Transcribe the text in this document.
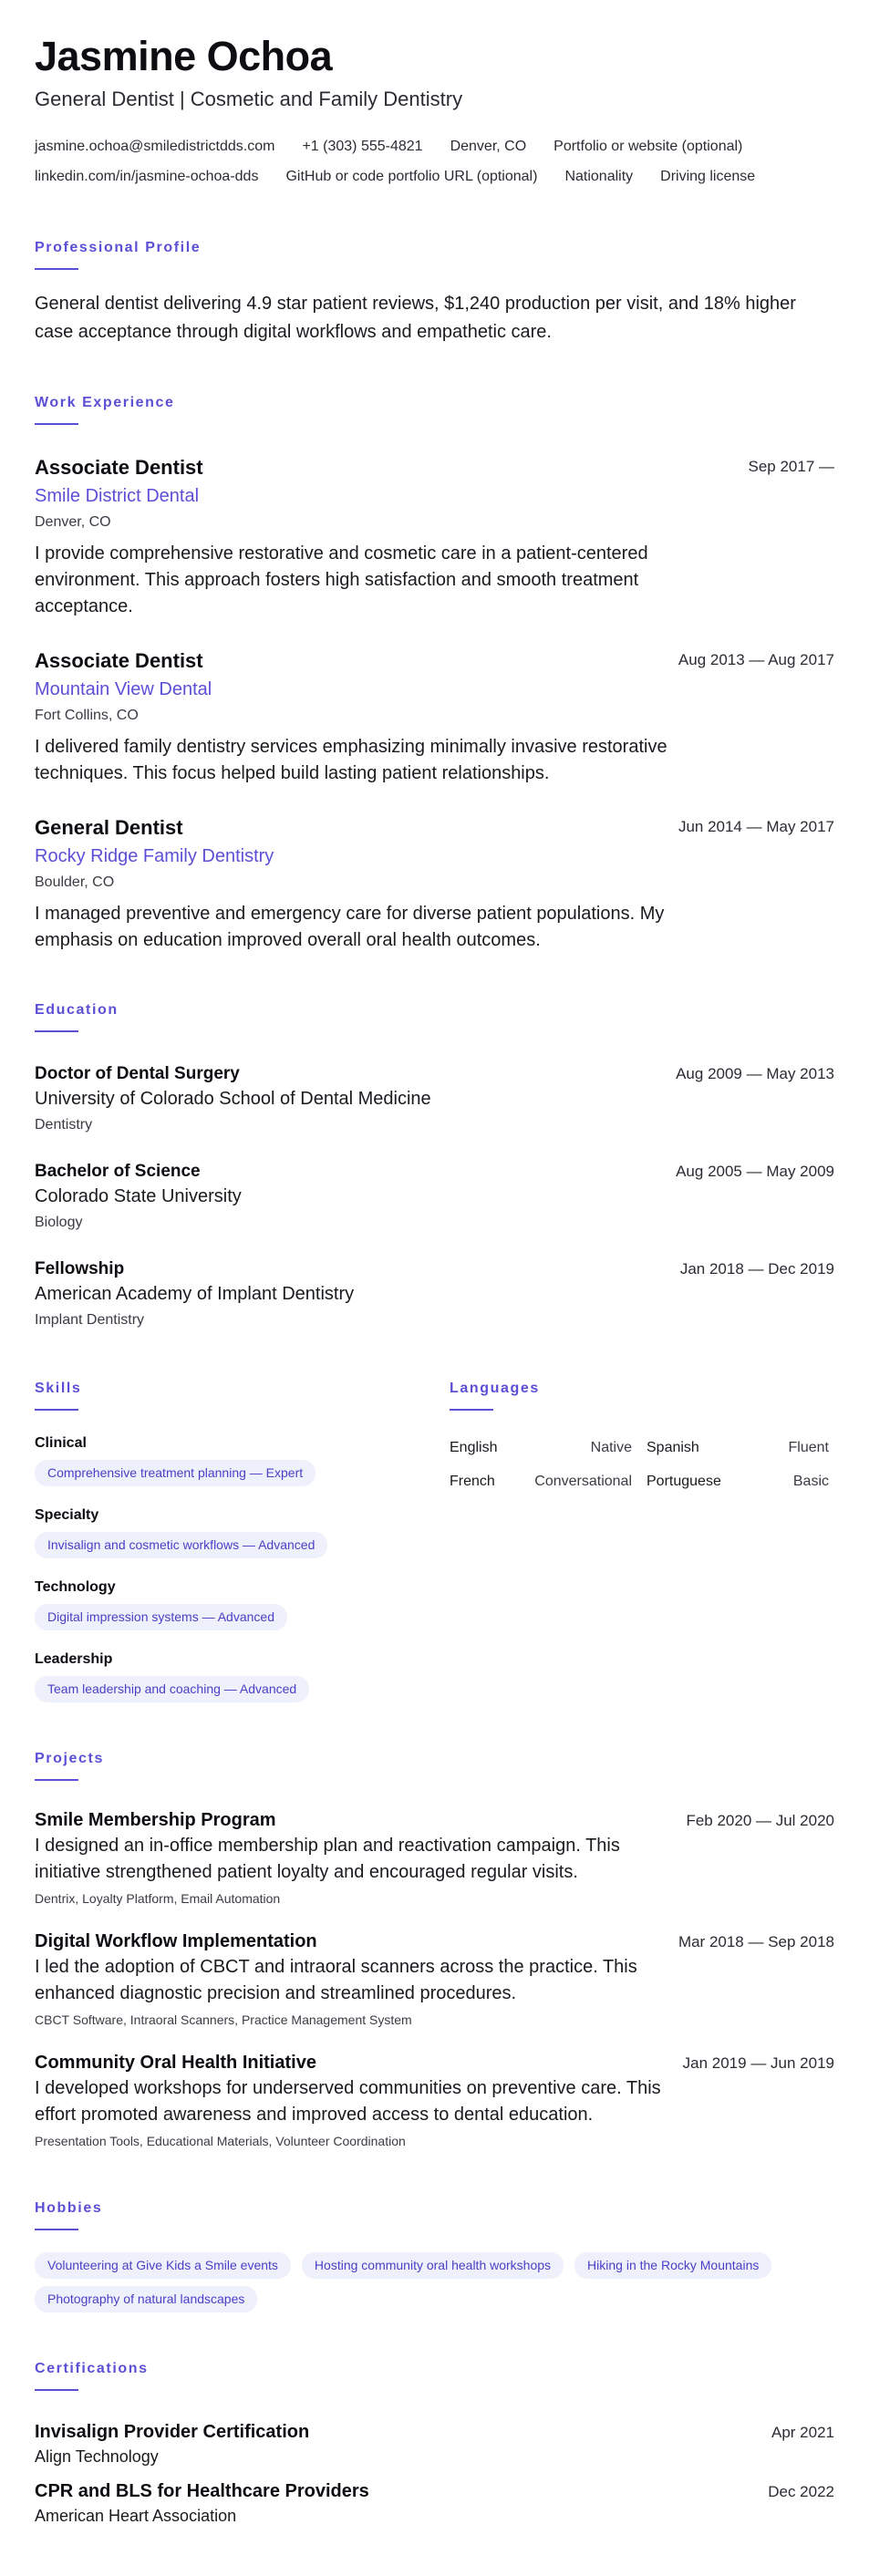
Jasmine Ochoa
General Dentist | Cosmetic and Family Dentistry
jasmine.ochoa@smiledistrictdds.com +1 (303) 555-4821 Denver, CO Portfolio or website (optional)
linkedin.com/in/jasmine-ochoa-dds GitHub or code portfolio URL (optional) Nationality Driving license
Professional Profile
General dentist delivering 4.9 star patient reviews, $1,240 production per visit, and 18% higher case acceptance through digital workflows and empathetic care.
Work Experience
Sep 2017 —
Associate Dentist
Smile District Dental
Denver, CO
I provide comprehensive restorative and cosmetic care in a patient-centered environment. This approach fosters high satisfaction and smooth treatment acceptance.
Aug 2013 — Aug 2017
Associate Dentist
Mountain View Dental
Fort Collins, CO
I delivered family dentistry services emphasizing minimally invasive restorative techniques. This focus helped build lasting patient relationships.
Jun 2014 — May 2017
General Dentist
Rocky Ridge Family Dentistry
Boulder, CO
I managed preventive and emergency care for diverse patient populations. My emphasis on education improved overall oral health outcomes.
Education
Aug 2009 — May 2013
Doctor of Dental Surgery
University of Colorado School of Dental Medicine
Dentistry
Aug 2005 — May 2009
Bachelor of Science
Colorado State University
Biology
Jan 2018 — Dec 2019
Fellowship
American Academy of Implant Dentistry
Implant Dentistry
Skills
Clinical
Comprehensive treatment planning — Expert
Specialty
Invisalign and cosmetic workflows — Advanced
Technology
Digital impression systems — Advanced
Leadership
Team leadership and coaching — Advanced
Languages
English	Native Spanish	Fluent
French	Conversational Portuguese	Basic
Projects
Feb 2020 — Jul 2020
Smile Membership Program
I designed an in-office membership plan and reactivation campaign. This initiative strengthened patient loyalty and encouraged regular visits.
Dentrix, Loyalty Platform, Email Automation
Mar 2018 — Sep 2018
Digital Workflow Implementation
I led the adoption of CBCT and intraoral scanners across the practice. This enhanced diagnostic precision and streamlined procedures.
CBCT Software, Intraoral Scanners, Practice Management System
Jan 2019 — Jun 2019
Community Oral Health Initiative
I developed workshops for underserved communities on preventive care. This effort promoted awareness and improved access to dental education.
Presentation Tools, Educational Materials, Volunteer Coordination
Hobbies
Volunteering at Give Kids a Smile events	Hosting community oral health workshops	Hiking in the Rocky Mountains
Photography of natural landscapes
Certifications
Apr 2021
Invisalign Provider Certification
Align Technology
Dec 2022
CPR and BLS for Healthcare Providers
American Heart Association
